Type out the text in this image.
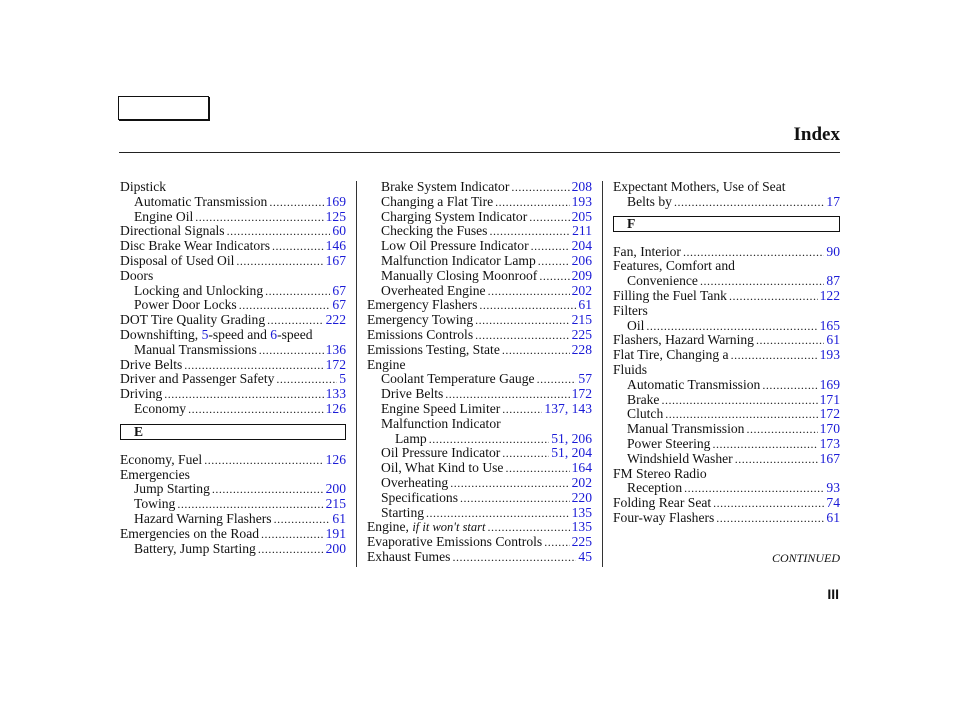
Index
Dipstick
Automatic Transmission .....	169
Engine Oil .....	125
Directional Signals .....	60
Disc Brake Wear Indicators .....	146
Disposal of Used Oil .....	167
Doors
Locking and Unlocking .....	67
Power Door Locks .....	67
DOT Tire Quality Grading .....	222
Downshifting, 5-speed and 6-speed
Manual Transmissions .....	136
Drive Belts .....	172
Driver and Passenger Safety .....	5
Driving .....	133
Economy .....	126
E
Economy, Fuel .....	126
Emergencies
Jump Starting .....	200
Towing .....	215
Hazard Warning Flashers .....	61
Emergencies on the Road .....	191
Battery, Jump Starting .....	200
Brake System Indicator .....	208
Changing a Flat Tire .....	193
Charging System Indicator .....	205
Checking the Fuses .....	211
Low Oil Pressure Indicator .....	204
Malfunction Indicator Lamp .....	206
Manually Closing Moonroof .....	209
Overheated Engine .....	202
Emergency Flashers .....	61
Emergency Towing .....	215
Emissions Controls .....	225
Emissions Testing, State .....	228
Engine
Coolant Temperature Gauge .....	57
Drive Belts .....	172
Engine Speed Limiter .....	137, 143
Malfunction Indicator
Lamp .....	51, 206
Oil Pressure Indicator .....	51, 204
Oil, What Kind to Use .....	164
Overheating .....	202
Specifications .....	220
Starting .....	135
Engine, if it won't start .....	135
Evaporative Emissions Controls ..... 225
Exhaust Fumes .....	45
Expectant Mothers, Use of Seat
Belts by .....	17
F
Fan, Interior .....	90
Features, Comfort and
Convenience .....	87
Filling the Fuel Tank .....	122
Filters
Oil .....	165
Flashers, Hazard Warning .....	61
Flat Tire, Changing a .....	193
Fluids
Automatic Transmission .....	169
Brake .....	171
Clutch .....	172
Manual Transmission .....	170
Power Steering .....	173
Windshield Washer .....	167
FM Stereo Radio
Reception .....	93
Folding Rear Seat .....	74
Four-way Flashers .....	61
CONTINUED
III
